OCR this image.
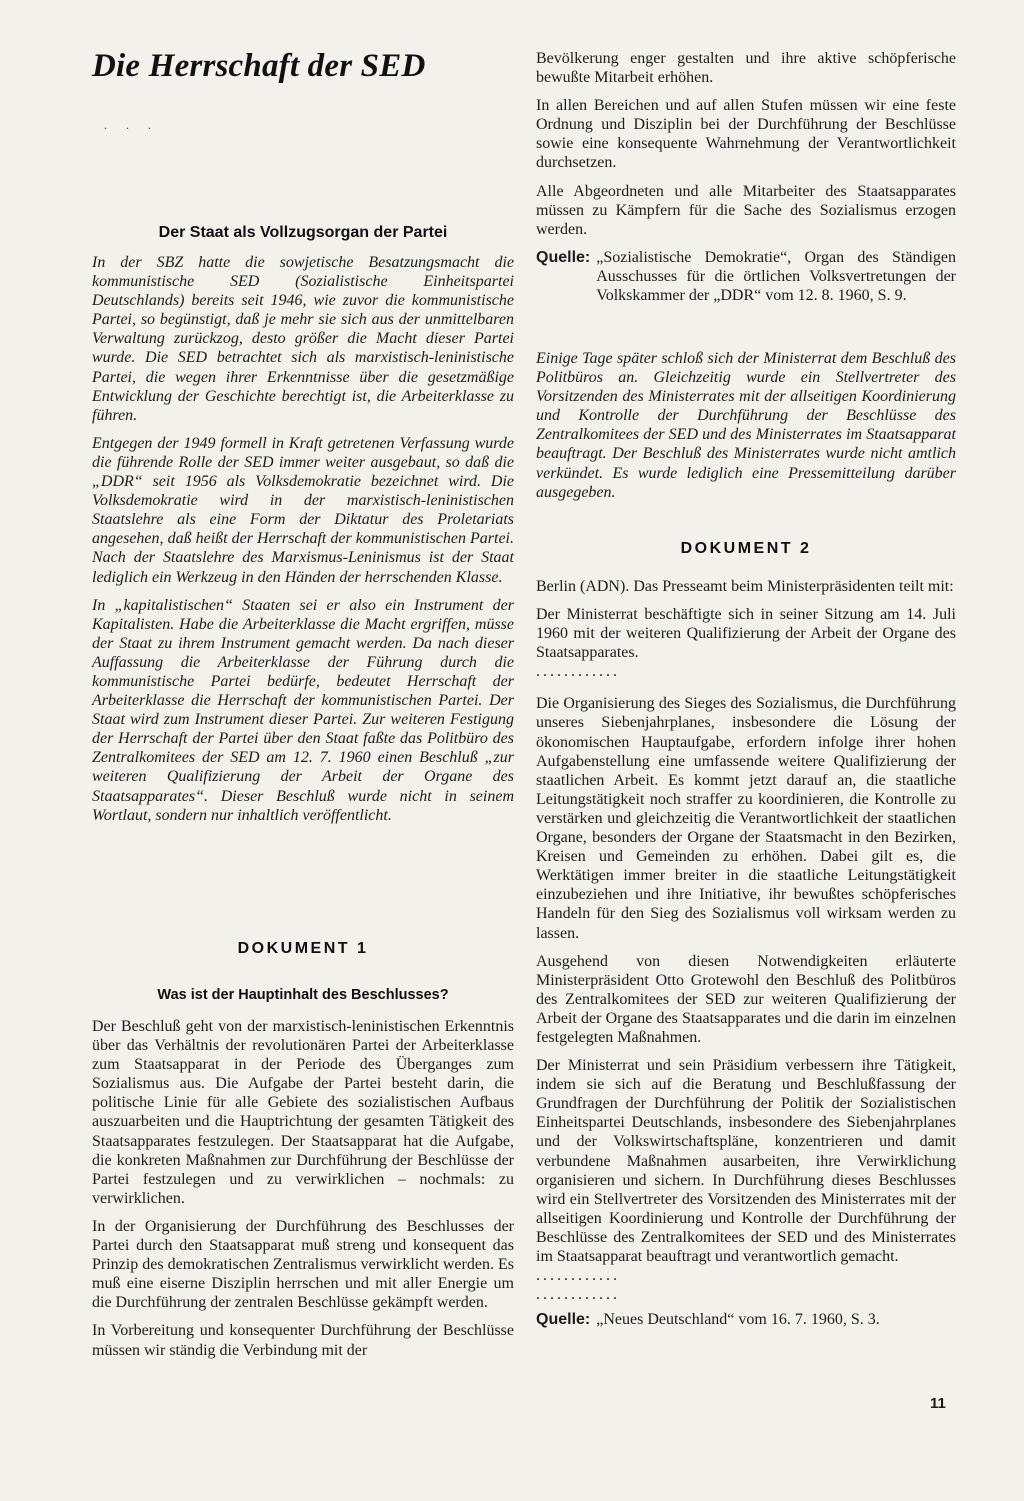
Die Herrschaft der SED
. . .
Der Staat als Vollzugsorgan der Partei

In der SBZ hatte die sowjetische Besatzungsmacht die kommunistische SED (Sozialistische Einheitspartei Deutschlands) bereits seit 1946, wie zuvor die kommunistische Partei, so begünstigt, daß je mehr sie sich aus der unmittelbaren Verwaltung zurückzog, desto größer die Macht dieser Partei wurde. Die SED betrachtet sich als marxistisch-leninistische Partei, die wegen ihrer Erkenntnisse über die gesetzmäßige Entwicklung der Geschichte berechtigt ist, die Arbeiterklasse zu führen.

Entgegen der 1949 formell in Kraft getretenen Verfassung wurde die führende Rolle der SED immer weiter ausgebaut, so daß die „DDR“ seit 1956 als Volksdemokratie bezeichnet wird. Die Volksdemokratie wird in der marxistisch-leninistischen Staatslehre als eine Form der Diktatur des Proletariats angesehen, daß heißt der Herrschaft der kommunistischen Partei. Nach der Staatslehre des Marxismus-Leninismus ist der Staat lediglich ein Werkzeug in den Händen der herrschenden Klasse.

In „kapitalistischen“ Staaten sei er also ein Instrument der Kapitalisten. Habe die Arbeiterklasse die Macht ergriffen, müsse der Staat zu ihrem Instrument gemacht werden. Da nach dieser Auffassung die Arbeiterklasse der Führung durch die kommunistische Partei bedürfe, bedeutet Herrschaft der Arbeiterklasse die Herrschaft der kommunistischen Partei. Der Staat wird zum Instrument dieser Partei. Zur weiteren Festigung der Herrschaft der Partei über den Staat faßte das Politbüro des Zentralkomitees der SED am 12. 7. 1960 einen Beschluß „zur weiteren Qualifizierung der Arbeit der Organe des Staatsapparates“. Dieser Beschluß wurde nicht in seinem Wortlaut, sondern nur inhaltlich veröffentlicht.

DOKUMENT 1
Was ist der Hauptinhalt des Beschlusses?

Der Beschluß geht von der marxistisch-leninistischen Erkenntnis über das Verhältnis der revolutionären Partei der Arbeiterklasse zum Staatsapparat in der Periode des Überganges zum Sozialismus aus. Die Aufgabe der Partei besteht darin, die politische Linie für alle Gebiete des sozialistischen Aufbaus auszuarbeiten und die Hauptrichtung der gesamten Tätigkeit des Staatsapparates festzulegen. Der Staatsapparat hat die Aufgabe, die konkreten Maßnahmen zur Durchführung der Beschlüsse der Partei festzulegen und zu verwirklichen – nochmals: zu verwirklichen.

In der Organisierung der Durchführung des Beschlusses der Partei durch den Staatsapparat muß streng und konsequent das Prinzip des demokratischen Zentralismus verwirklicht werden. Es muß eine eiserne Disziplin herrschen und mit aller Energie um die Durchführung der zentralen Beschlüsse gekämpft werden.

In Vorbereitung und konsequenter Durchführung der Beschlüsse müssen wir ständig die Verbindung mit der

Bevölkerung enger gestalten und ihre aktive schöpferische bewußte Mitarbeit erhöhen.

In allen Bereichen und auf allen Stufen müssen wir eine feste Ordnung und Disziplin bei der Durchführung der Beschlüsse sowie eine konsequente Wahrnehmung der Verantwortlichkeit durchsetzen.

Alle Abgeordneten und alle Mitarbeiter des Staatsapparates müssen zu Kämpfern für die Sache des Sozialismus erzogen werden.

Quelle: „Sozialistische Demokratie“, Organ des Ständigen Ausschusses für die örtlichen Volksvertretungen der Volkskammer der „DDR“ vom 12. 8. 1960, S. 9.

Einige Tage später schloß sich der Ministerrat dem Beschluß des Politbüros an. Gleichzeitig wurde ein Stellvertreter des Vorsitzenden des Ministerrates mit der allseitigen Koordinierung und Kontrolle der Durchführung der Beschlüsse des Zentralkomitees der SED und des Ministerrates im Staatsapparat beauftragt. Der Beschluß des Ministerrates wurde nicht amtlich verkündet. Es wurde lediglich eine Pressemitteilung darüber ausgegeben.

DOKUMENT 2

Berlin (ADN). Das Presseamt beim Ministerpräsidenten teilt mit:

Der Ministerrat beschäftigte sich in seiner Sitzung am 14. Juli 1960 mit der weiteren Qualifizierung der Arbeit der Organe des Staatsapparates.

............

Die Organisierung des Sieges des Sozialismus, die Durchführung unseres Siebenjahrplanes, insbesondere die Lösung der ökonomischen Hauptaufgabe, erfordern infolge ihrer hohen Aufgabenstellung eine umfassende weitere Qualifizierung der staatlichen Arbeit. Es kommt jetzt darauf an, die staatliche Leitungstätigkeit noch straffer zu koordinieren, die Kontrolle zu verstärken und gleichzeitig die Verantwortlichkeit der staatlichen Organe, besonders der Organe der Staatsmacht in den Bezirken, Kreisen und Gemeinden zu erhöhen. Dabei gilt es, die Werktätigen immer breiter in die staatliche Leitungstätigkeit einzubeziehen und ihre Initiative, ihr bewußtes schöpferisches Handeln für den Sieg des Sozialismus voll wirksam werden zu lassen.

Ausgehend von diesen Notwendigkeiten erläuterte Ministerpräsident Otto Grotewohl den Beschluß des Politbüros des Zentralkomitees der SED zur weiteren Qualifizierung der Arbeit der Organe des Staatsapparates und die darin im einzelnen festgelegten Maßnahmen.

Der Ministerrat und sein Präsidium verbessern ihre Tätigkeit, indem sie sich auf die Beratung und Beschlußfassung der Grundfragen der Durchführung der Politik der Sozialistischen Einheitspartei Deutschlands, insbesondere des Siebenjahrplanes und der Volkswirtschaftspläne, konzentrieren und damit verbundene Maßnahmen ausarbeiten, ihre Verwirklichung organisieren und sichern. In Durchführung dieses Beschlusses wird ein Stellvertreter des Vorsitzenden des Ministerrates mit der allseitigen Koordinierung und Kontrolle der Durchführung der Beschlüsse des Zentralkomitees der SED und des Ministerrates im Staatsapparat beauftragt und verantwortlich gemacht.

............
............

Quelle: „Neues Deutschland“ vom 16. 7. 1960, S. 3.

11
